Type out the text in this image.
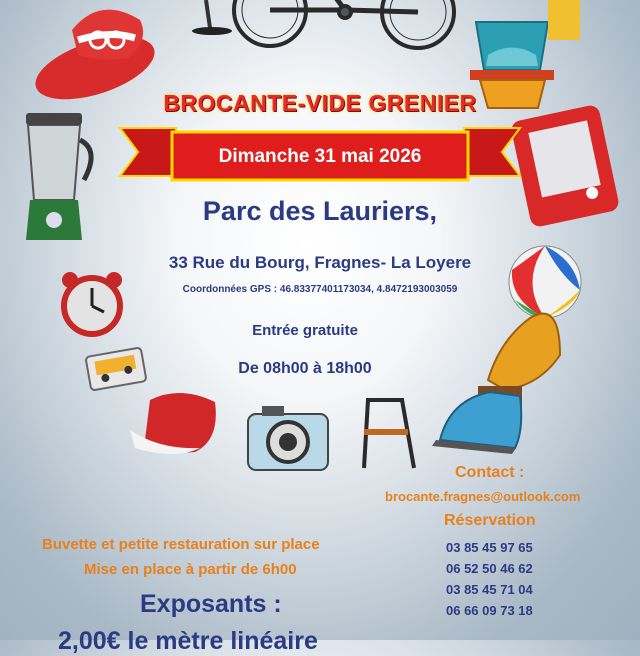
BROCANTE-VIDE GRENIER
Dimanche 31 mai 2026
Parc des Lauriers,
33 Rue du Bourg, Fragnes- La Loyere
Coordonnées GPS : 46.83377401173034, 4.8472193003059
Entrée gratuite
De 08h00 à 18h00
Contact :
brocante.fragnes@outlook.com
Réservation
03 85 45 97 65
06 52 50 46 62
03 85 45 71 04
06 66 09 73 18
Buvette et petite restauration sur place
Mise en place à partir de 6h00
Exposants :
2,00€ le mètre linéaire
